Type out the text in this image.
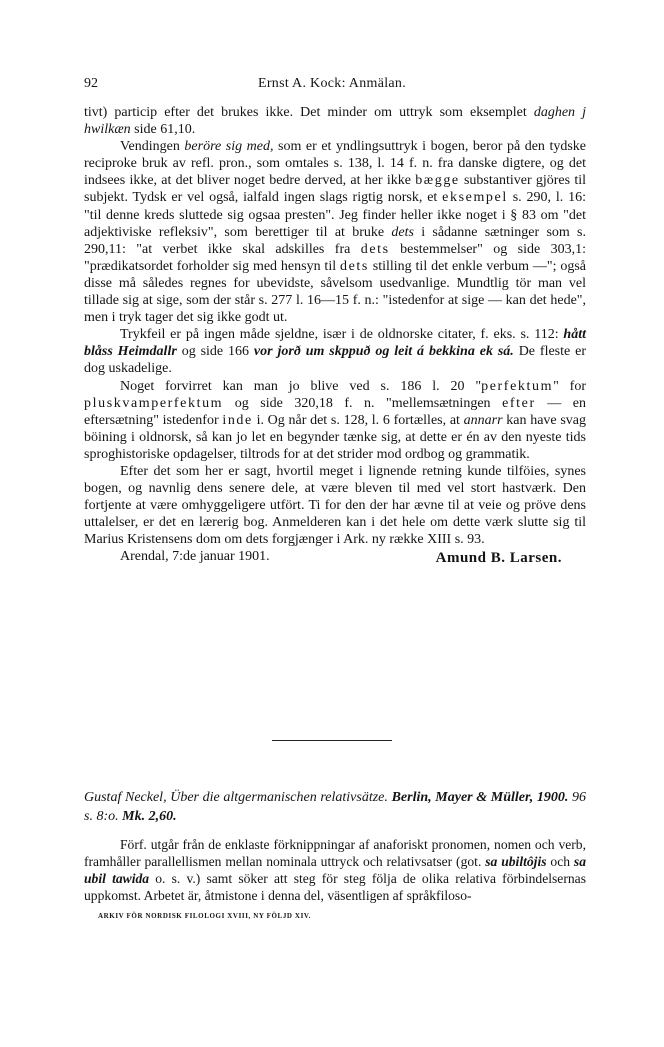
92	Ernst A. Kock: Anmälan.

tivt) particip efter det brukes ikke. Det minder om uttryk som eksemplet daghen j hwilkæn side 61,10.

Vendingen beröre sig med, som er et yndlingsuttryk i bogen, beror på den tydske reciproke bruk av refl. pron., som omtales s. 138, l. 14 f. n. fra danske digtere, og det indsees ikke, at det bliver noget bedre derved, at her ikke bægge substantiver gjöres til subjekt. Tydsk er vel også, ialfald ingen slags rigtig norsk, et eksempel s. 290, l. 16: "til denne kreds sluttede sig ogsaa presten". Jeg finder heller ikke noget i § 83 om "det adjektiviske refleksiv", som berettiger til at bruke dets i sådanne sætninger som s. 290,11: "at verbet ikke skal adskilles fra dets bestemmelser" og side 303,1: "prædikatsordet forholder sig med hensyn til dets stilling til det enkle verbum —"; også disse må således regnes for ubevidste, såvelsom usedvanlige. Mundtlig tör man vel tillade sig at sige, som der står s. 277 l. 16—15 f. n.: "istedenfor at sige — kan det hede", men i tryk tager det sig ikke godt ut.

Trykfeil er på ingen måde sjeldne, især i de oldnorske citater, f. eks. s. 112: hått blåss Heimdallr og side 166 vor jorð um skppuð og leit á bekkina ek sá. De fleste er dog uskadelige.

Noget forvirret kan man jo blive ved s. 186 l. 20 "perfektum" for pluskvamperfektum og side 320,18 f. n. "mellemsætningen efter — en eftersætning" istedenfor inde i. Og når det s. 128, l. 6 fortælles, at annarr kan have svag böining i oldnorsk, så kan jo let en begynder tænke sig, at dette er én av den nyeste tids sproghistoriske opdagelser, tiltrods for at det strider mod ordbog og grammatik.

Efter det som her er sagt, hvortil meget i lignende retning kunde tilföies, synes bogen, og navnlig dens senere dele, at være bleven til med vel stort hastværk. Den fortjente at være omhyggeligere utfört. Ti for den der har ævne til at veie og pröve dens uttalelser, er det en lærerig bog. Anmelderen kan i det hele om dette værk slutte sig til Marius Kristensens dom om dets forgjænger i Ark. ny række XIII s. 93.

Arendal, 7:de januar 1901.	Amund B. Larsen.
Gustaf Neckel, Über die altgermanischen relativsätze. Berlin, Mayer & Müller, 1900. 96 s. 8:o. Mk. 2,60.

Förf. utgår från de enklaste förknippningar af anaforiskt pronomen, nomen och verb, framhåller parallellismen mellan nominala uttryck och relativsatser (got. sa ubiltôjis och sa ubil tawida o. s. v.) samt söker att steg för steg följa de olika relativa förbindelsernas uppkomst. Arbetet är, åtmistone i denna del, väsentligen af språkfiloso-

ARKIV FÖR NORDISK FILOLOGI XVIII, NY FÖLJD XIV.
